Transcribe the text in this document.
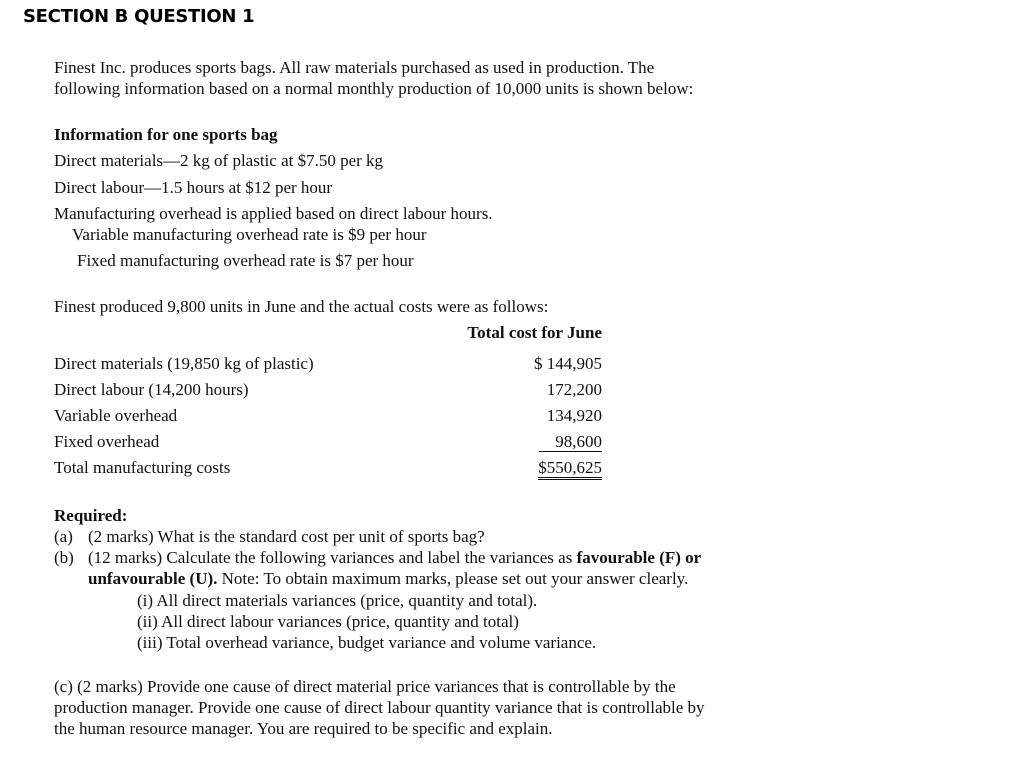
SECTION B QUESTION 1
Finest Inc. produces sports bags. All raw materials purchased as used in production. The
following information based on a normal monthly production of 10,000 units is shown below:
Information for one sports bag
Direct materials—2 kg of plastic at $7.50 per kg
Direct labour—1.5 hours at $12 per hour
Manufacturing overhead is applied based on direct labour hours.
Variable manufacturing overhead rate is $9 per hour
Fixed manufacturing overhead rate is $7 per hour
Finest produced 9,800 units in June and the actual costs were as follows:
Total cost for June
Direct materials (19,850 kg of plastic)	$ 144,905
Direct labour (14,200 hours)	172,200
Variable overhead	134,920
Fixed overhead	98,600
Total manufacturing costs	$550,625
Required:
(a) (2 marks) What is the standard cost per unit of sports bag?
(b) (12 marks) Calculate the following variances and label the variances as favourable (F) or
unfavourable (U). Note: To obtain maximum marks, please set out your answer clearly.
(i) All direct materials variances (price, quantity and total).
(ii) All direct labour variances (price, quantity and total)
(iii) Total overhead variance, budget variance and volume variance.
(c) (2 marks) Provide one cause of direct material price variances that is controllable by the
production manager. Provide one cause of direct labour quantity variance that is controllable by
the human resource manager. You are required to be specific and explain.
